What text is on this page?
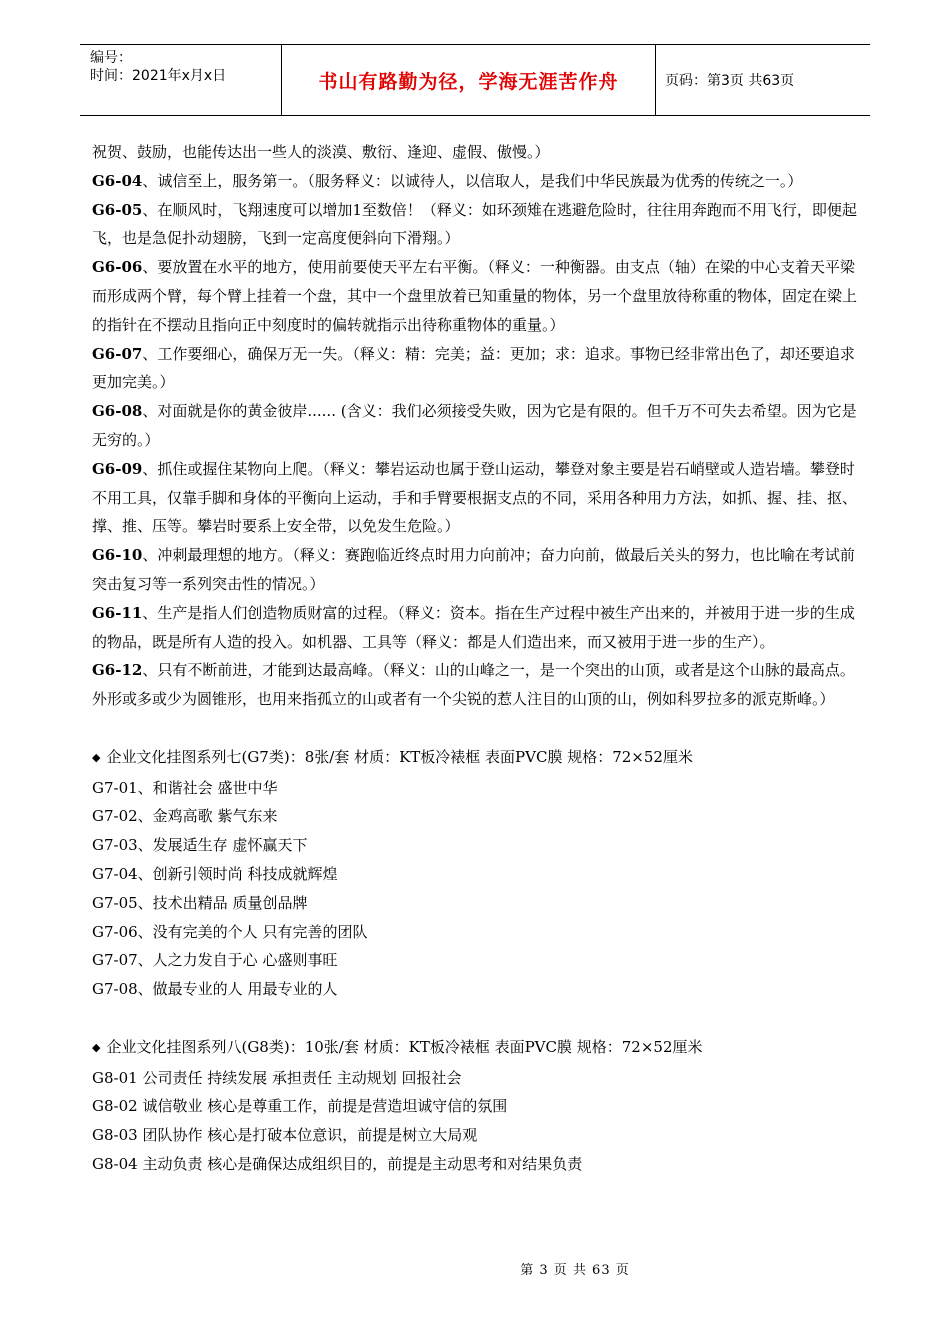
编号：
时间：2021年x月x日	书山有路勤为径，学海无涯苦作舟	页码：第3页 共63页

祝贺、鼓励，也能传达出一些人的淡漠、敷衍、逢迎、虚假、傲慢。）

G6-04、诚信至上，服务第一。（服务释义：以诚待人，以信取人，是我们中华民族最为优秀的传统之一。）

G6-05、在顺风时，飞翔速度可以增加1至数倍！（释义：如环颈雉在逃避危险时，往往用奔跑而不用飞行，即便起飞，也是急促扑动翅膀，飞到一定高度便斜向下滑翔。）

G6-06、要放置在水平的地方，使用前要使天平左右平衡。（释义：一种衡器。由支点（轴）在梁的中心支着天平梁而形成两个臂，每个臂上挂着一个盘，其中一个盘里放着已知重量的物体，另一个盘里放待称重的物体，固定在梁上的指针在不摆动且指向正中刻度时的偏转就指示出待称重物体的重量。）

G6-07、工作要细心，确保万无一失。（释义：精：完美；益：更加；求：追求。事物已经非常出色了，却还要追求更加完美。）

G6-08、对面就是你的黄金彼岸...... (含义：我们必须接受失败，因为它是有限的。但千万不可失去希望。因为它是无穷的。）

G6-09、抓住或握住某物向上爬。（释义：攀岩运动也属于登山运动，攀登对象主要是岩石峭壁或人造岩墙。攀登时不用工具，仅靠手脚和身体的平衡向上运动，手和手臂要根据支点的不同，采用各种用力方法，如抓、握、挂、抠、撑、推、压等。攀岩时要系上安全带，以免发生危险。）

G6-10、冲刺最理想的地方。（释义：赛跑临近终点时用力向前冲；奋力向前，做最后关头的努力，也比喻在考试前突击复习等一系列突击性的情况。）

G6-11、生产是指人们创造物质财富的过程。（释义：资本。指在生产过程中被生产出来的，并被用于进一步的生成的物品，既是所有人造的投入。如机器、工具等（释义：都是人们造出来，而又被用于进一步的生产）。

G6-12、只有不断前进，才能到达最高峰。（释义：山的山峰之一，是一个突出的山顶，或者是这个山脉的最高点。外形或多或少为圆锥形，也用来指孤立的山或者有一个尖锐的惹人注目的山顶的山，例如科罗拉多的派克斯峰。）

◆ 企业文化挂图系列七(G7类)：8张/套 材质：KT板冷裱框 表面PVC膜 规格：72×52厘米

G7-01、和谐社会 盛世中华

G7-02、金鸡高歌 紫气东来

G7-03、发展适生存 虚怀赢天下

G7-04、创新引领时尚 科技成就辉煌

G7-05、技术出精品 质量创品牌

G7-06、没有完美的个人 只有完善的团队

G7-07、人之力发自于心 心盛则事旺

G7-08、做最专业的人 用最专业的人

◆ 企业文化挂图系列八(G8类)：10张/套 材质：KT板冷裱框 表面PVC膜 规格：72×52厘米

G8-01 公司责任 持续发展 承担责任 主动规划 回报社会

G8-02 诚信敬业 核心是尊重工作，前提是营造坦诚守信的氛围

G8-03 团队协作 核心是打破本位意识，前提是树立大局观

G8-04 主动负责 核心是确保达成组织目的，前提是主动思考和对结果负责

第 3 页 共 63 页
